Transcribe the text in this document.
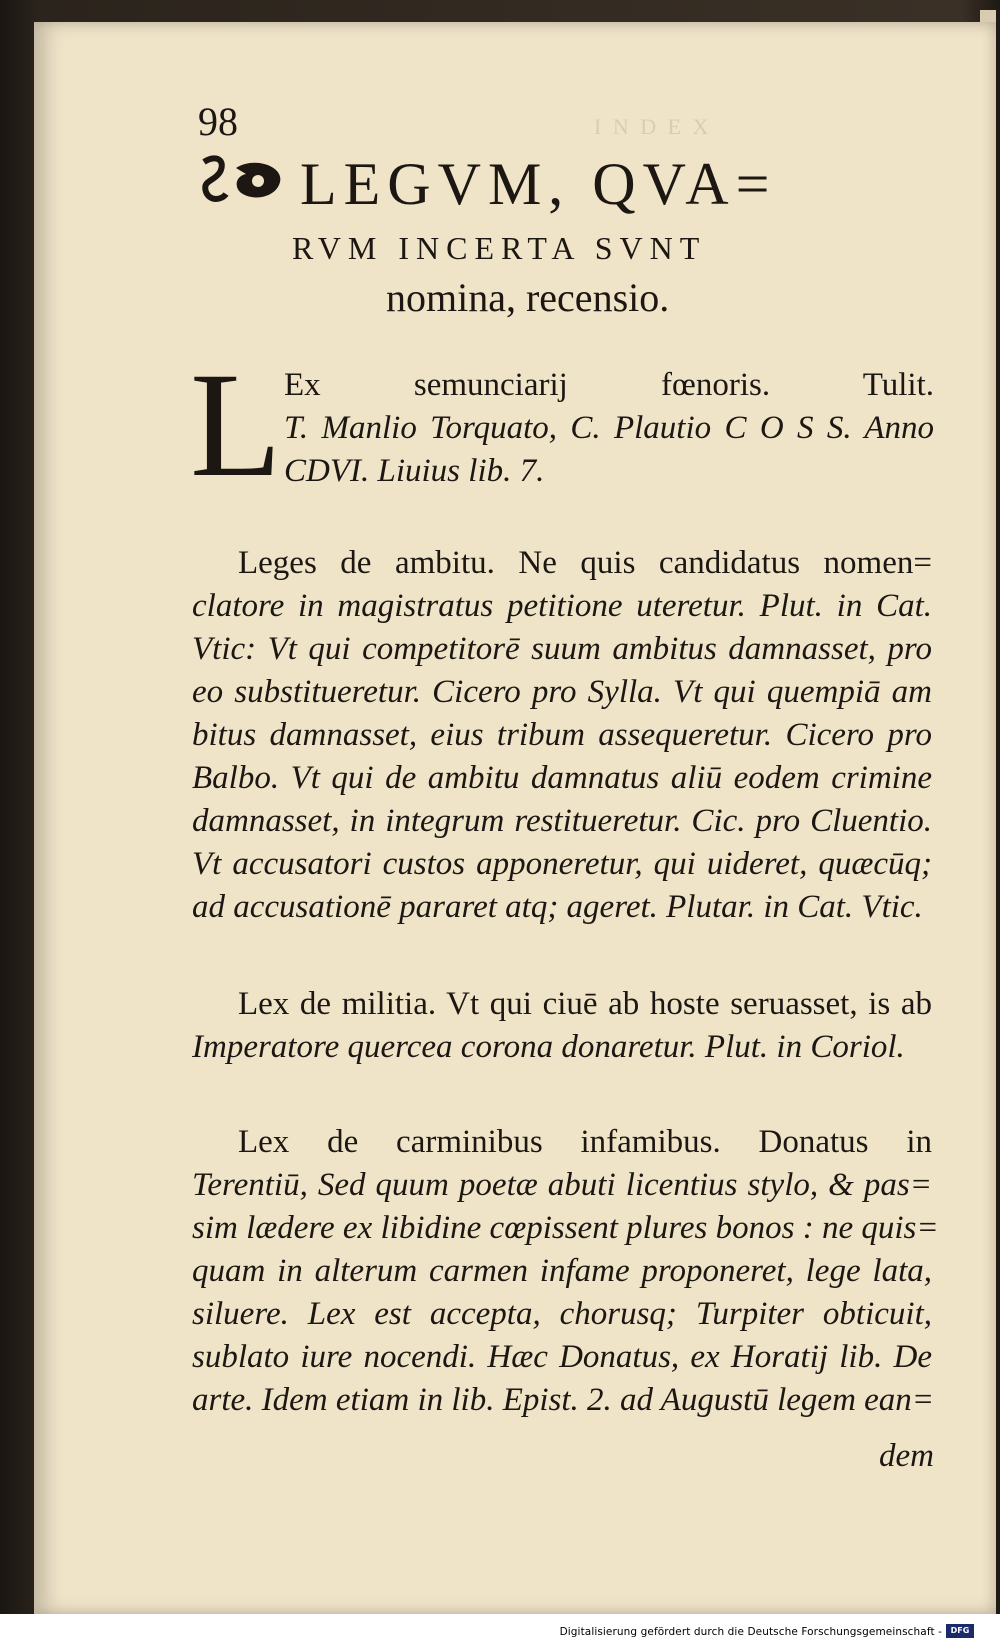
I N D E X
98
LEGVM, QVA=
RVM INCERTA SVNT
nomina, recensio.
L Ex semunciarij fœnoris. Tulit.
T. Manlio Torquato, C. Plautio C O S S. Anno
CDVI. Liuius lib. 7.
Leges de ambitu. Ne quis candidatus nomen=
clatore in magistratus petitione uteretur. Plut. in Cat.
Vtic: Vt qui competitorē suum ambitus damnasset, pro
eo substitueretur. Cicero pro Sylla. Vt qui quempiā am
bitus damnasset, eius tribum assequeretur. Cicero pro
Balbo. Vt qui de ambitu damnatus aliū eodem crimine
damnasset, in integrum restitueretur. Cic. pro Cluentio.
Vt accusatori custos apponeretur, qui uideret, quæcūq;
ad accusationē pararet atq; ageret. Plutar. in Cat. Vtic.
Lex de militia. Vt qui ciuē ab hoste seruasset, is ab
Imperatore quercea corona donaretur. Plut. in Coriol.
Lex de carminibus infamibus. Donatus in
Terentiū, Sed quum poetæ abuti licentius stylo, & pas=
sim lædere ex libidine cœpissent plures bonos : ne quis=
quam in alterum carmen infame proponeret, lege lata,
siluere. Lex est accepta, chorusq; Turpiter obticuit,
sublato iure nocendi. Hæc Donatus, ex Horatij lib. De
arte. Idem etiam in lib. Epist. 2. ad Augustū legem ean=
dem
Digitalisierung gefördert durch die Deutsche Forschungsgemeinschaft -	DFG
